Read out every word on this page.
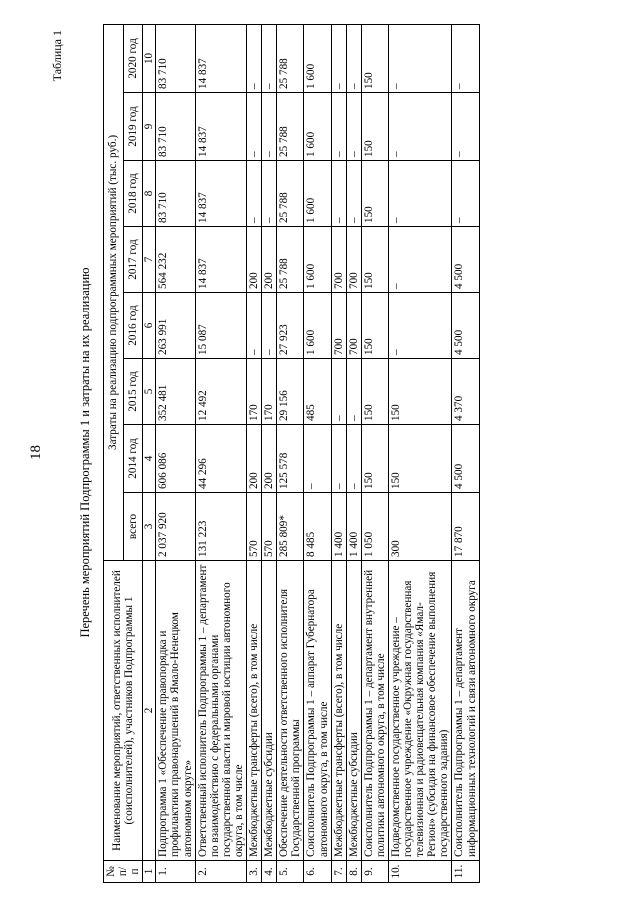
18
Таблица 1
Перечень мероприятий Подпрограммы 1 и затраты на их реализацию
№ п/п	Наименование мероприятий, ответственных исполнителей (соисполнителей), участников Подпрограммы 1	Затраты на реализацию подпрограммных мероприятий (тыс. руб.)							
		всего	2014 год	2015 год	2016 год	2017 год	2018 год	2019 год	2020 год
1	2	3	4	5	6	7	8	9	10
1.	Подпрограмма 1 «Обеспечение правопорядка и профилактики правонарушений в Ямало-Ненецком автономном округе»	2 037 920	606 086	352 481	263 991	564 232	83 710	83 710	83 710
2.	Ответственный исполнитель Подпрограммы 1 – департамент по взаимодействию с федеральными органами государственной власти и мировой юстиции автономного округа, в том числе	131 223	44 296	12 492	15 087	14 837	14 837	14 837	14 837
3.	Межбюджетные трансферты (всего), в том числе	570	200	170	–	200	–	–	–
4.	Межбюджетные субсидии	570	200	170	–	200	–	–	–
5.	Обеспечение деятельности ответственного исполнителя Государственной программы	285 809*	125 578	29 156	27 923	25 788	25 788	25 788	25 788
6.	Соисполнитель Подпрограммы 1 – аппарат Губернатора автономного округа, в том числе	8 485	–	485	1 600	1 600	1 600	1 600	1 600
7.	Межбюджетные трансферты (всего), в том числе	1 400	–	–	700	700	–	–	–
8.	Межбюджетные субсидии	1 400	–	–	700	700	–	–	–
9.	Соисполнитель Подпрограммы 1 – департамент внутренней политики автономного округа, в том числе	1 050	150	150	150	150	150	150	150
10.	Подведомственное государственное учреждение – государственное учреждение «Окружная государственная телевизионная и радиовещательная компания «Ямал-Регион» (субсидия на финансовое обеспечение выполнения государственного задания)	300	150	150	–	–	–	–	–
11.	Соисполнитель Подпрограммы 1 – департамент информационных технологий и связи автономного округа	17 870	4 500	4 370	4 500	4 500	–	–	–
